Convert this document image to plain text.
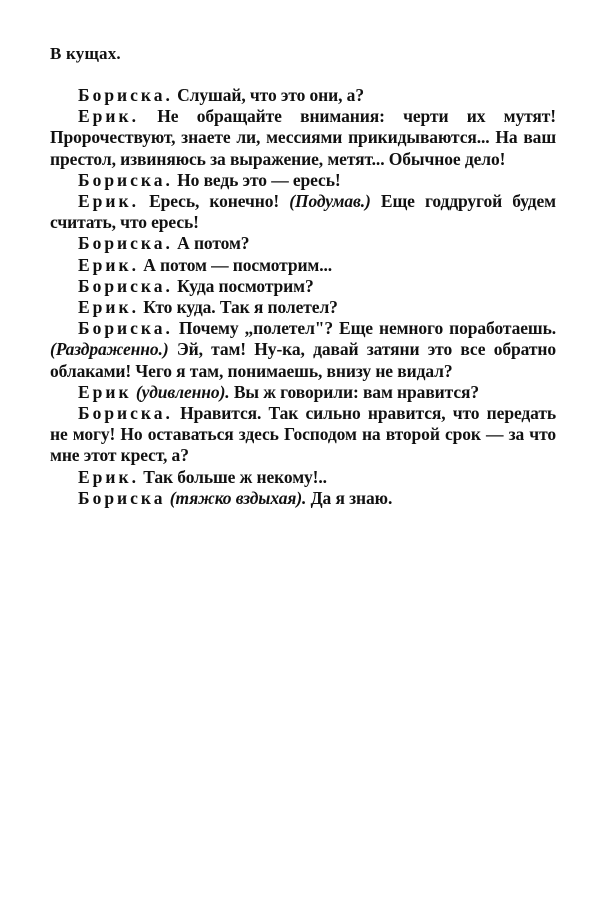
В кущах.

Бориска. Слушай, что это они, а?

Ерик. Не обращайте внимания: черти их мутят! Пророчествуют, знаете ли, мессиями прикидываются... На ваш престол, извиняюсь за выражение, метят... Обычное дело!

Бориска. Но ведь это — ересь!

Ерик. Ересь, конечно! (Подумав.) Еще годдругой будем считать, что ересь!

Бориска. А потом?

Ерик. А потом — посмотрим...

Бориска. Куда посмотрим?

Ерик. Кто куда. Так я полетел?

Бориска. Почему „полетел"? Еще немного поработаешь. (Раздраженно.) Эй, там! Ну-ка, давай затяни это все обратно облаками! Чего я там, понимаешь, внизу не видал?

Ерик (удивленно). Вы ж говорили: вам нравится?

Бориска. Нравится. Так сильно нравится, что передать не могу! Но оставаться здесь Господом на второй срок — за что мне этот крест, а?

Ерик. Так больше ж некому!..

Бориска (тяжко вздыхая). Да я знаю.
